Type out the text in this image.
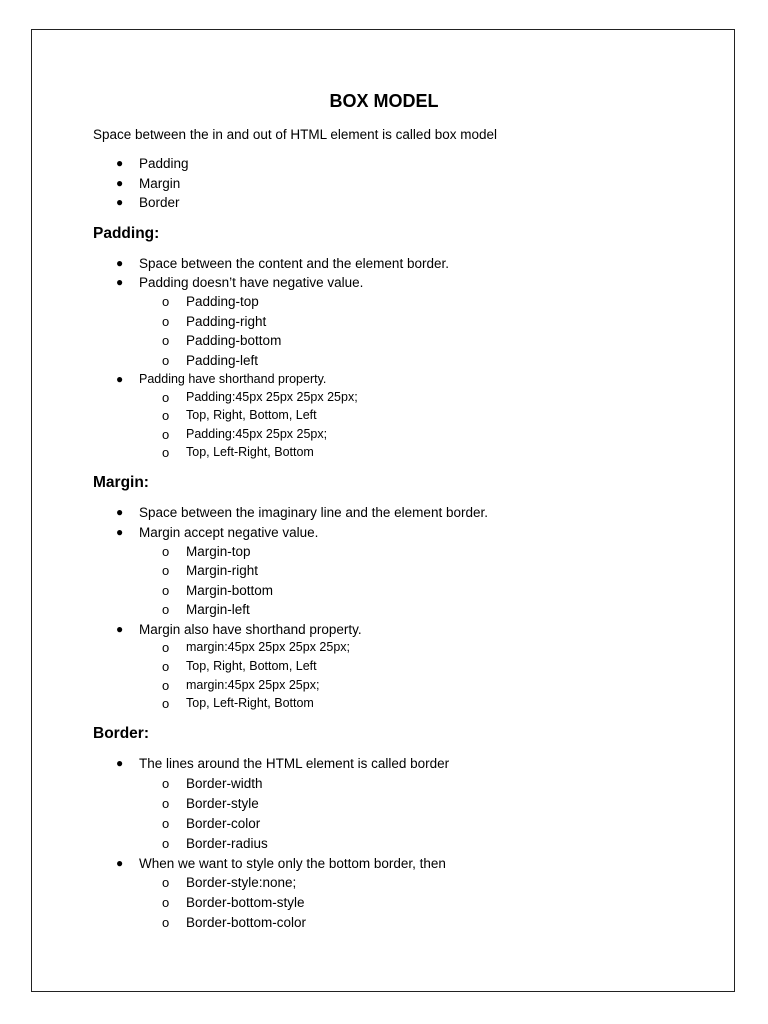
BOX MODEL
Space between the in and out of HTML element is called box model
● Padding
● Margin
● Border
Padding:
● Space between the content and the element border.
● Padding doesn’t have negative value.
o Padding-top
o Padding-right
o Padding-bottom
o Padding-left
● Padding have shorthand property.
o Padding:45px 25px 25px 25px;
o Top, Right, Bottom, Left
o Padding:45px 25px 25px;
o Top, Left-Right, Bottom
Margin:
● Space between the imaginary line and the element border.
● Margin accept negative value.
o Margin-top
o Margin-right
o Margin-bottom
o Margin-left
● Margin also have shorthand property.
o margin:45px 25px 25px 25px;
o Top, Right, Bottom, Left
o margin:45px 25px 25px;
o Top, Left-Right, Bottom
Border:
● The lines around the HTML element is called border
o Border-width
o Border-style
o Border-color
o Border-radius
● When we want to style only the bottom border, then
o Border-style:none;
o Border-bottom-style
o Border-bottom-color
